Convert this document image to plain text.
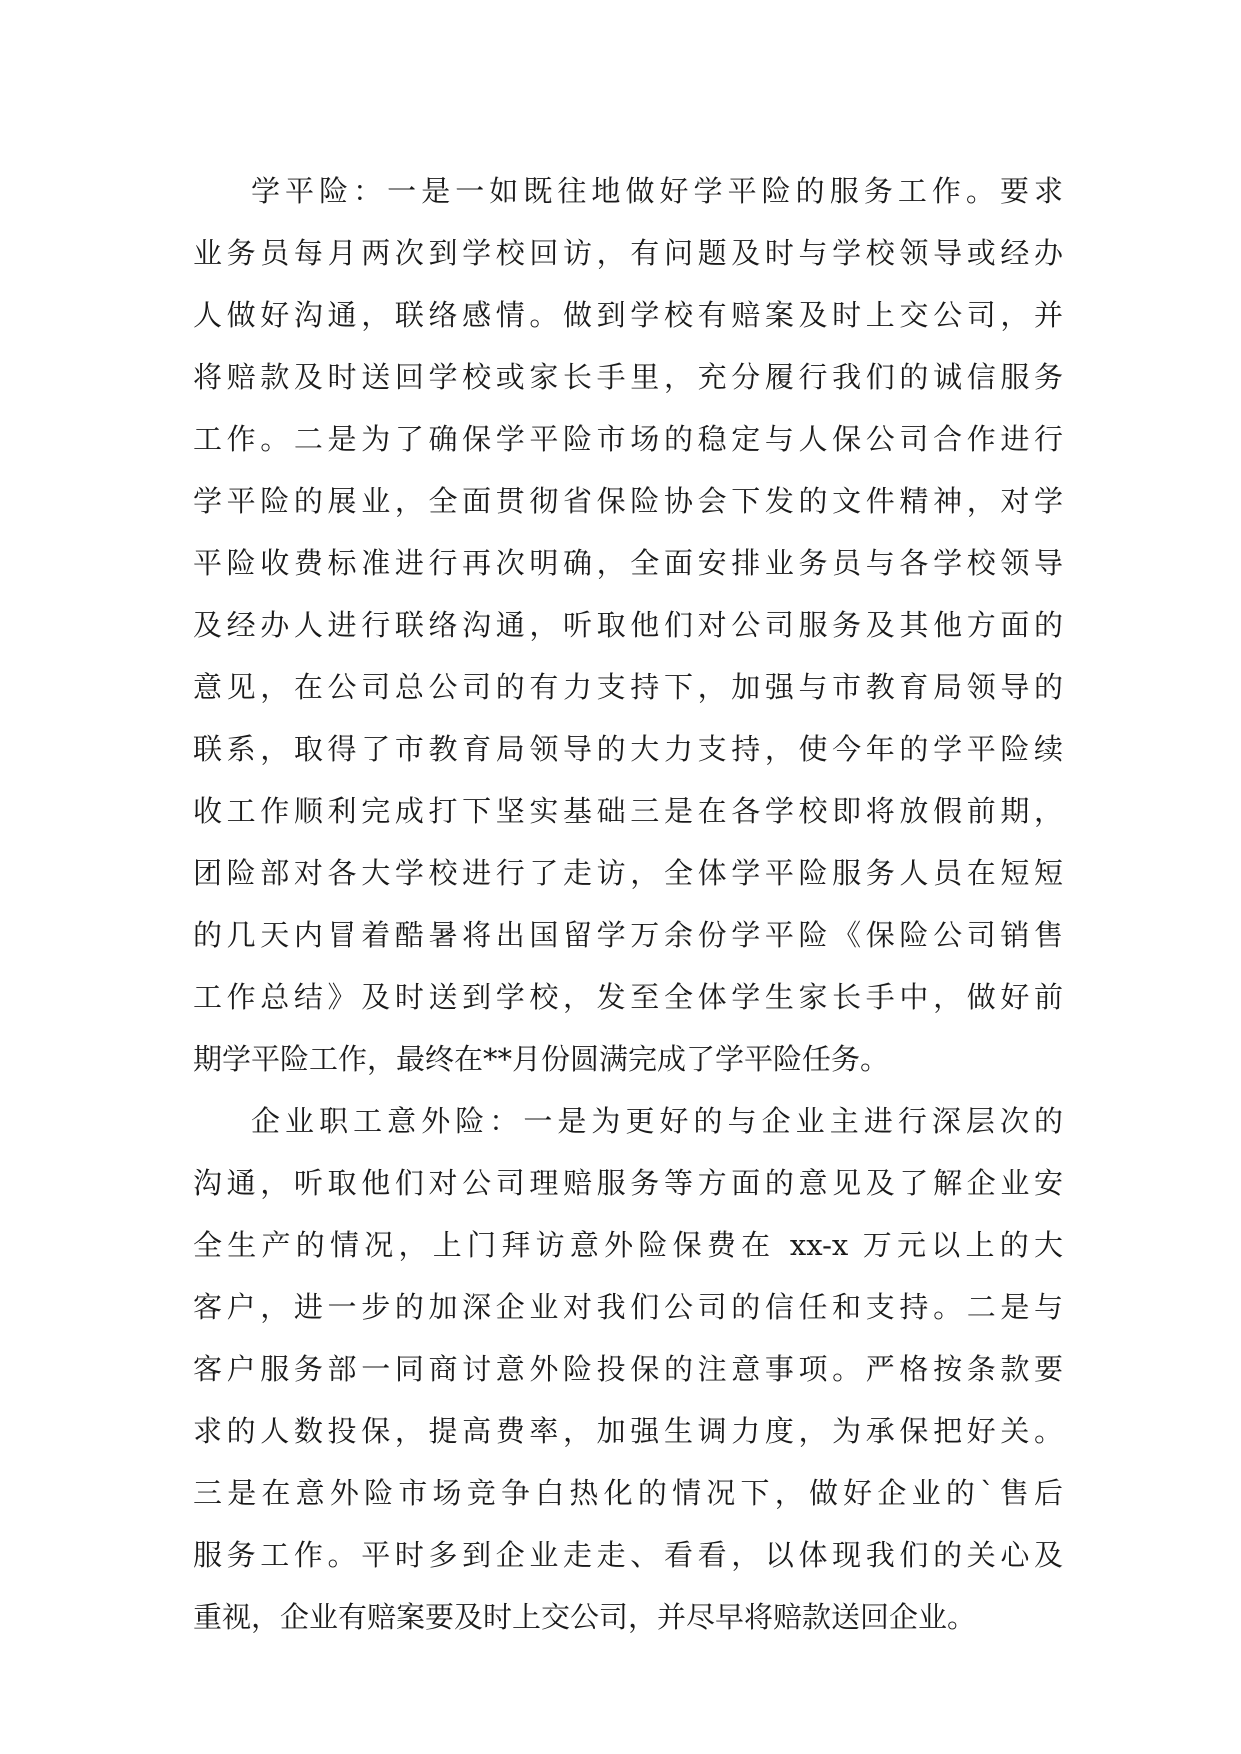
学平险：一是一如既往地做好学平险的服务工作。要求
业务员每月两次到学校回访，有问题及时与学校领导或经办
人做好沟通，联络感情。做到学校有赔案及时上交公司，并
将赔款及时送回学校或家长手里，充分履行我们的诚信服务
工作。二是为了确保学平险市场的稳定与人保公司合作进行
学平险的展业，全面贯彻省保险协会下发的文件精神，对学
平险收费标准进行再次明确，全面安排业务员与各学校领导
及经办人进行联络沟通，听取他们对公司服务及其他方面的
意见，在公司总公司的有力支持下，加强与市教育局领导的
联系，取得了市教育局领导的大力支持，使今年的学平险续
收工作顺利完成打下坚实基础三是在各学校即将放假前期，
团险部对各大学校进行了走访，全体学平险服务人员在短短
的几天内冒着酷暑将出国留学万余份学平险《保险公司销售
工作总结》及时送到学校，发至全体学生家长手中，做好前
期学平险工作，最终在**月份圆满完成了学平险任务。
企业职工意外险：一是为更好的与企业主进行深层次的
沟通，听取他们对公司理赔服务等方面的意见及了解企业安
全生产的情况，上门拜访意外险保费在 xx-x 万元以上的大
客户，进一步的加深企业对我们公司的信任和支持。二是与
客户服务部一同商讨意外险投保的注意事项。严格按条款要
求的人数投保，提高费率，加强生调力度，为承保把好关。
三是在意外险市场竞争白热化的情况下，做好企业的`售后
服务工作。平时多到企业走走、看看，以体现我们的关心及
重视，企业有赔案要及时上交公司，并尽早将赔款送回企业。
